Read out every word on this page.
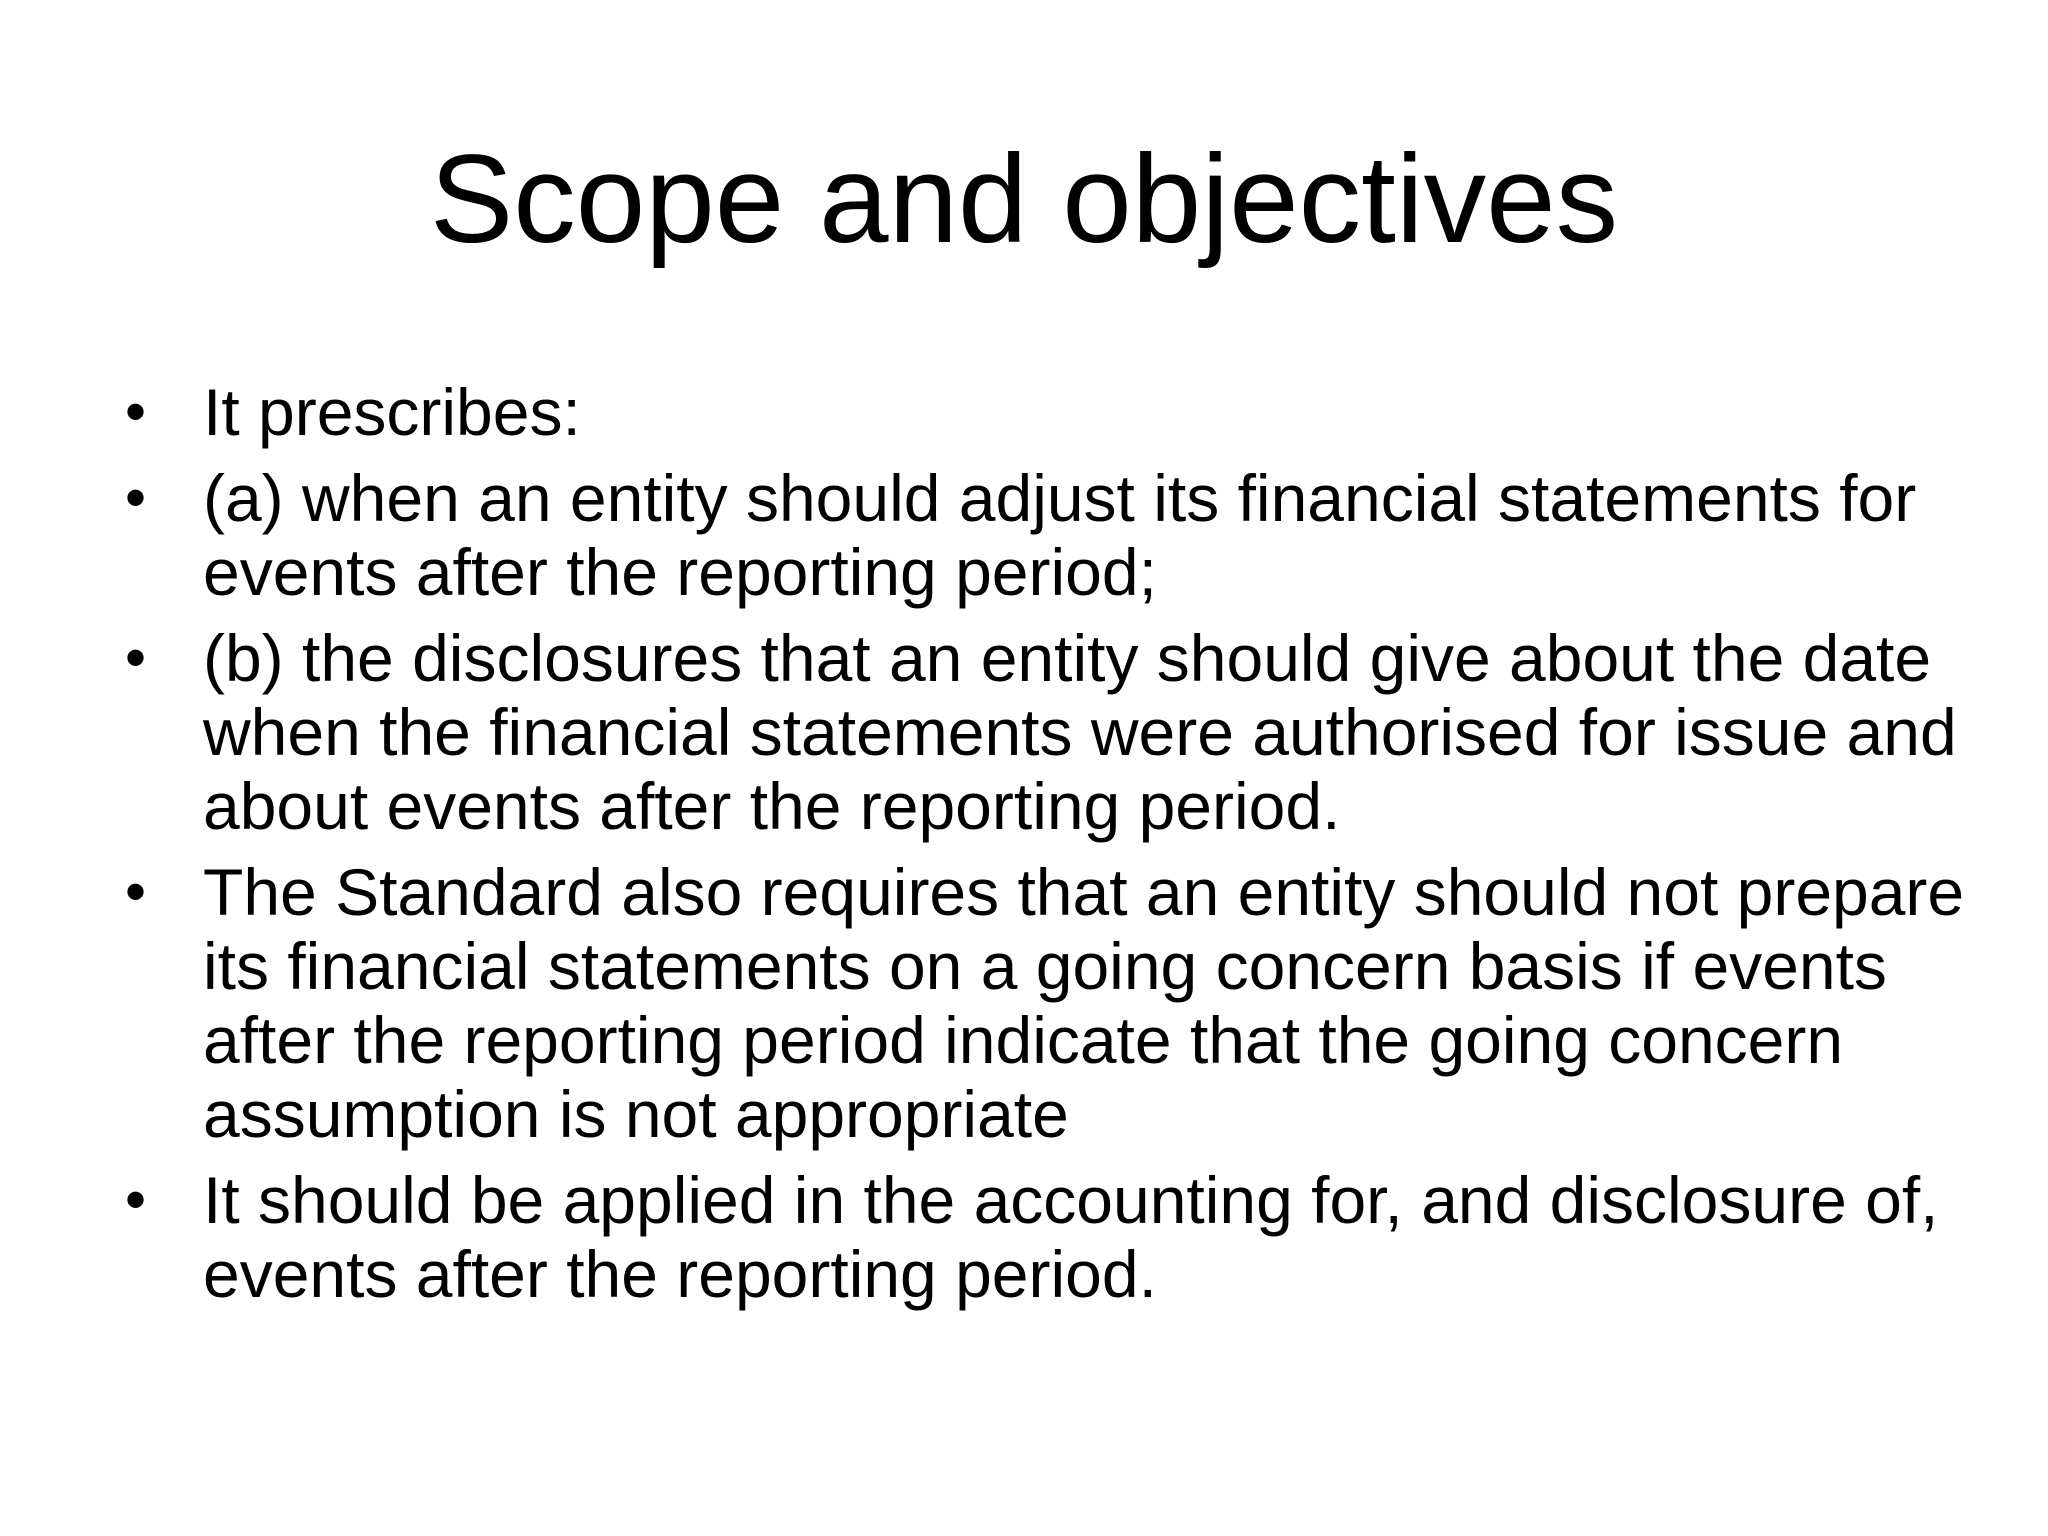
Scope and objectives
• It prescribes:
• (a) when an entity should adjust its financial statements for events after the reporting period;
• (b) the disclosures that an entity should give about the date when the financial statements were authorised for issue and about events after the reporting period.
• The Standard also requires that an entity should not prepare its financial statements on a going concern basis if events after the reporting period indicate that the going concern assumption is not appropriate
• It should be applied in the accounting for, and disclosure of, events after the reporting period.
